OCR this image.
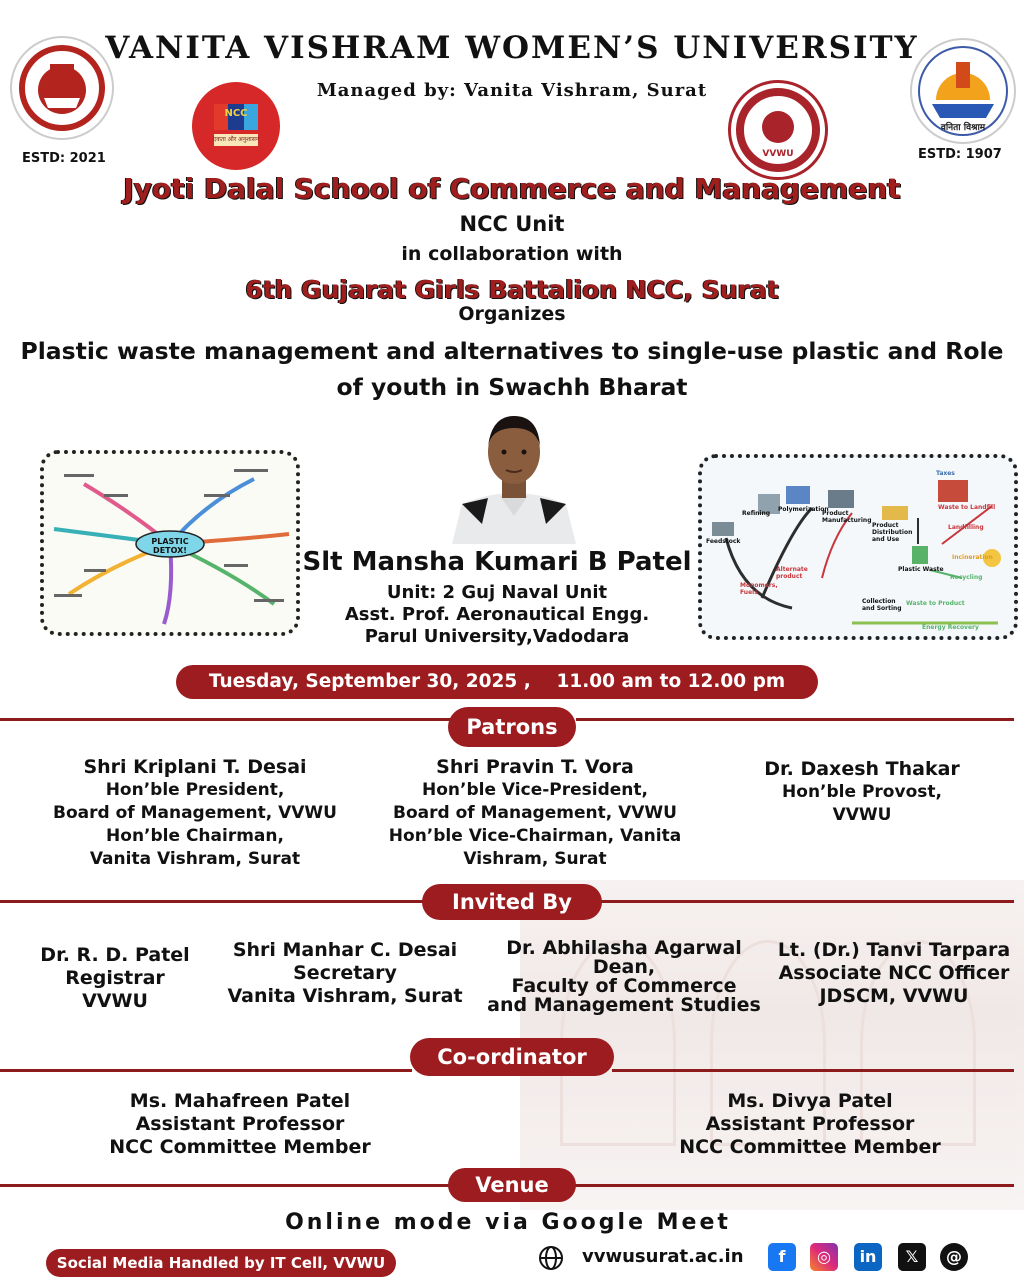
ESTD: 2021
वनिता विश्राम
ESTD: 1907
NCC
एकता और अनुशासन
VVWU
VANITA VISHRAM WOMEN’S UNIVERSITY
Managed by: Vanita Vishram, Surat
Jyoti Dalal School of Commerce and Management
NCC Unit
in collaboration with
6th Gujarat Girls Battalion NCC, Surat
Organizes
Plastic waste management and alternatives to single-use plastic and Role
of youth in Swachh Bharat
PLASTIC DETOX!	Slt Mansha Kumari B Patel
Unit: 2 Guj Naval Unit
Asst. Prof. Aeronautical Engg.
Parul University,Vadodara
Feedstock
Refining
Polymerization
Product Manufacturing
Product Distribution and Use
Plastic Waste
Waste to Landfill
Landfilling
Incineration
Recycling
Collection and Sorting
Waste to Product
Monomers, Fuels
Alternate product
Energy Recovery
Taxes
Tuesday, September 30, 2025 ,    11.00 am to 12.00 pm
Patrons
Shri Kriplani T. Desai
Hon’ble President,
Board of Management, VVWU
Hon’ble Chairman,
Vanita Vishram, Surat
Shri Pravin T. Vora
Hon’ble Vice-President,
Board of Management, VVWU
Hon’ble Vice-Chairman, Vanita
Vishram, Surat
Dr. Daxesh Thakar
Hon’ble Provost,
VVWU
Invited By
Dr. R. D. Patel
Registrar
VVWU
Shri Manhar C. Desai
Secretary
Vanita Vishram, Surat
Dr. Abhilasha Agarwal
Dean,
Faculty of Commerce
and Management Studies
Lt. (Dr.) Tanvi Tarpara
Associate NCC Officer
JDSCM, VVWU
Co-ordinator
Ms. Mahafreen Patel
Assistant Professor
NCC Committee Member
Ms. Divya Patel
Assistant Professor
NCC Committee Member
Venue
Online mode via Google Meet
Social Media Handled by IT Cell, VVWU	vvwusurat.ac.in	f	◎	in	𝕏	@
